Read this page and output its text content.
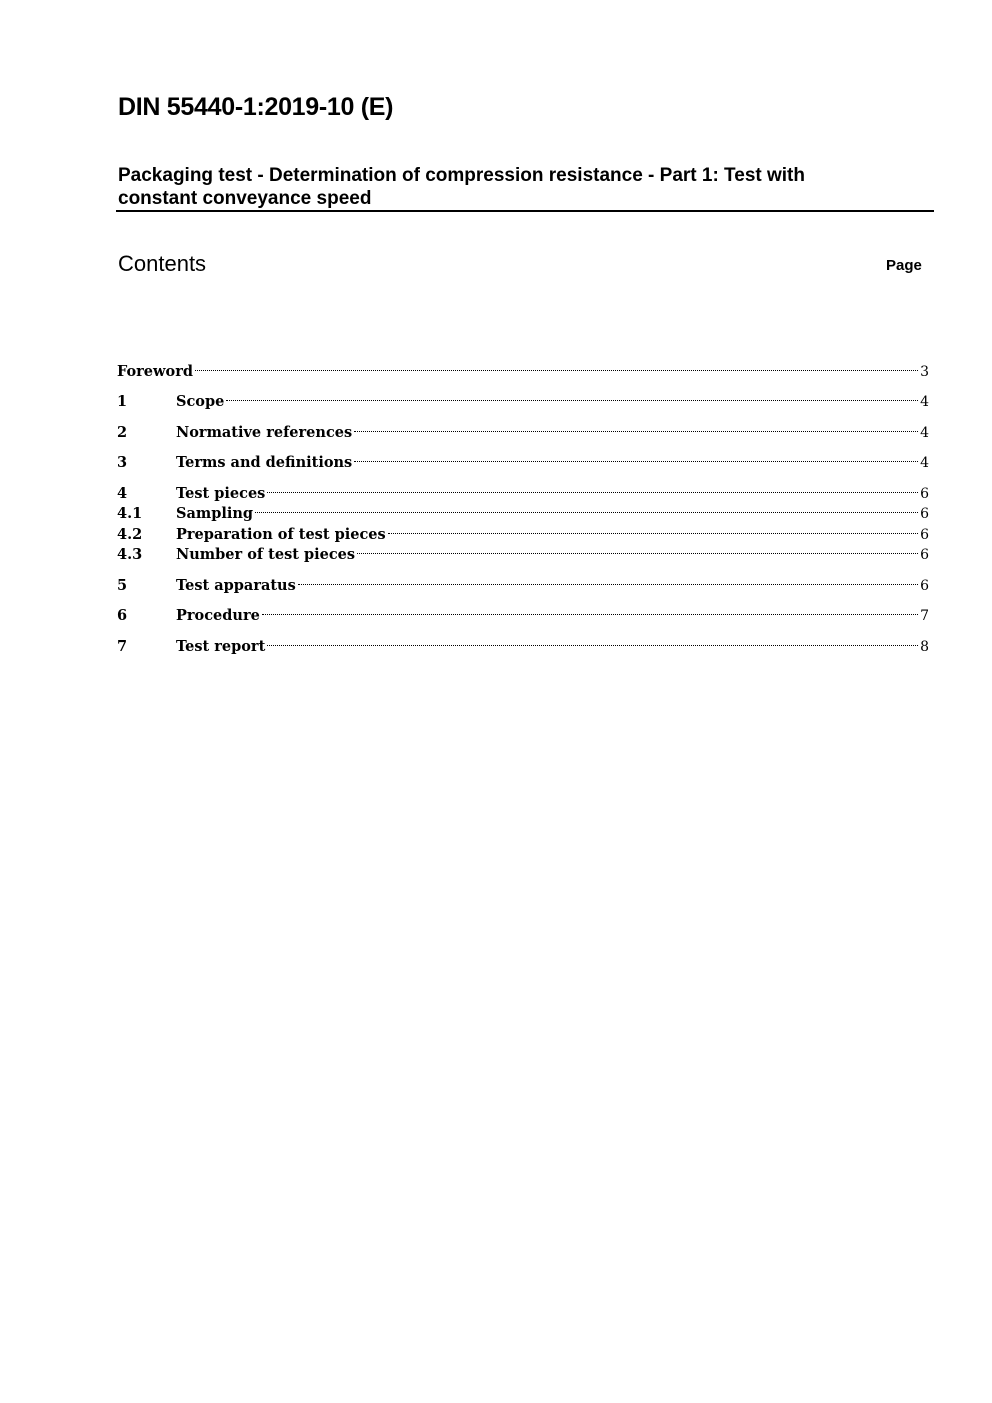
DIN 55440-1:2019-10 (E)
Packaging test - Determination of compression resistance - Part 1: Test with
constant conveyance speed
Contents	Page
Foreword	3
1	Scope	4
2	Normative references	4
3	Terms and definitions	4
4	Test pieces	6
4.1	Sampling	6
4.2	Preparation of test pieces	6
4.3	Number of test pieces	6
5	Test apparatus	6
6	Procedure	7
7	Test report	8
